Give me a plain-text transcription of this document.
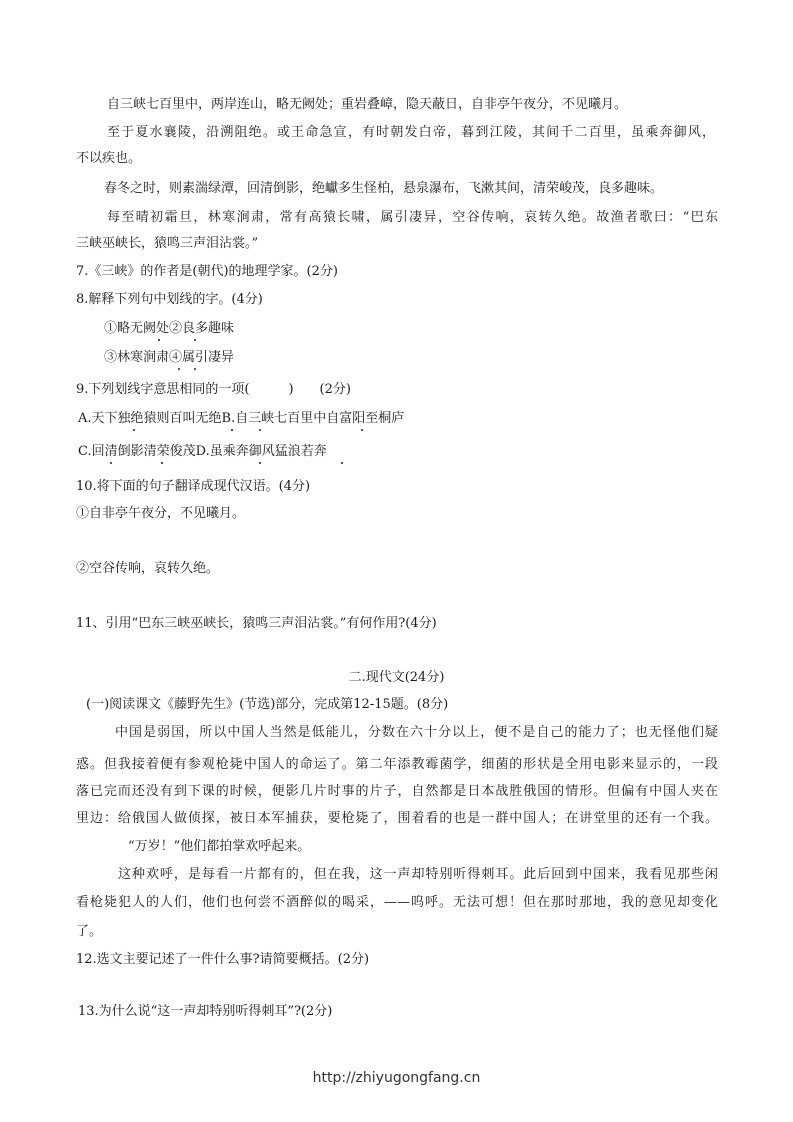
自三峡七百里中，两岸连山，略无阙处；重岩叠嶂，隐天蔽日，自非亭午夜分，不见曦月。
至于夏水襄陵，沿溯阻绝。或王命急宣，有时朝发白帝，暮到江陵，其间千二百里，虽乘奔御风，
不以疾也。
春冬之时，则素湍绿潭，回清倒影，绝巘多生怪柏，悬泉瀑布，飞漱其间，清荣峻茂，良多趣味。
每至晴初霜旦，林寒涧肃，常有高猿长啸，属引凄异，空谷传响，哀转久绝。故渔者歌曰：“巴东
三峡巫峡长，猿鸣三声泪沾裳。”
7.《三峡》的作者是(朝代)的地理学家。(2分)
8.解释下列句中划线的字。(4分)
①略无阙处②良多趣味
③林寒涧肃④属引凄异
9.下列划线字意思相同的一项(　　　)　　(2分)
A.天下独绝猿则百叫无绝B.自三峡七百里中自富阳至桐庐
C.回清倒影清荣俊茂D.虽乘奔御风猛浪若奔
10.将下面的句子翻译成现代汉语。(4分)
①自非亭午夜分，不见曦月。
②空谷传响，哀转久绝。
11、引用“巴东三峡巫峡长，猿鸣三声泪沾裳。”有何作用?(4分)
二.现代文(24分)
(一)阅读课文《藤野先生》(节选)部分，完成第12-15题。(8分)
中国是弱国，所以中国人当然是低能儿，分数在六十分以上，便不是自己的能力了；也无怪他们疑
惑。但我接着便有参观枪毙中国人的命运了。第二年添教霉菌学，细菌的形状是全用电影来显示的，一段
落已完而还没有到下课的时候，便影几片时事的片子，自然都是日本战胜俄国的情形。但偏有中国人夹在
里边：给俄国人做侦探，被日本军捕获，要枪毙了，围着看的也是一群中国人；在讲堂里的还有一个我。
“万岁！”他们都拍掌欢呼起来。
这种欢呼，是每看一片都有的，但在我，这一声却特别听得刺耳。此后回到中国来，我看见那些闲
看枪毙犯人的人们，他们也何尝不酒醉似的喝采，——呜呼。无法可想！但在那时那地，我的意见却变化
了。
12.选文主要记述了一件什么事?请简要概括。(2分)
13.为什么说“这一声却特别听得刺耳”?(2分)
http://zhiyugongfang.cn
